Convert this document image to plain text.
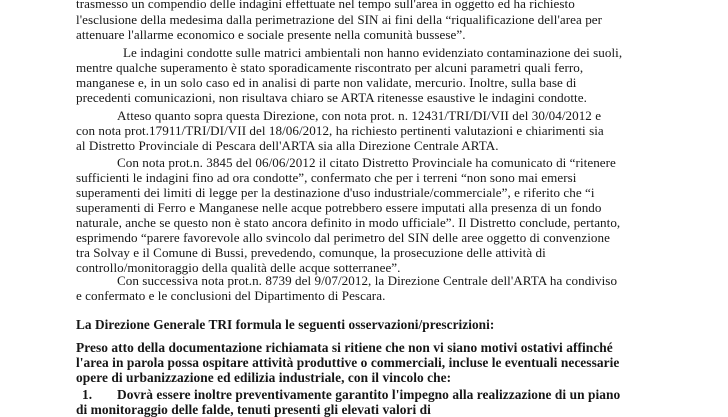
trasmesso un compendio delle indagini effettuate nel tempo sull'area in oggetto ed ha richiesto
l'esclusione della medesima dalla perimetrazione del SIN ai fini della “riqualificazione dell'area per
attenuare l'allarme economico e sociale presente nella comunità bussese”.
Le indagini condotte sulle matrici ambientali non hanno evidenziato contaminazione dei suoli,
mentre qualche superamento è stato sporadicamente riscontrato per alcuni parametri quali ferro,
manganese e, in un solo caso ed in analisi di parte non validate, mercurio. Inoltre, sulla base di
precedenti comunicazioni, non risultava chiaro se ARTA ritenesse esaustive le indagini condotte.
Atteso quanto sopra questa Direzione, con nota prot. n. 12431/TRI/DI/VII del 30/04/2012 e
con nota prot.17911/TRI/DI/VII del 18/06/2012, ha richiesto pertinenti valutazioni e chiarimenti sia
al Distretto Provinciale di Pescara dell'ARTA sia alla Direzione Centrale ARTA.
Con nota prot.n. 3845 del 06/06/2012 il citato Distretto Provinciale ha comunicato di “ritenere
sufficienti le indagini fino ad ora condotte”, confermato che per i terreni “non sono mai emersi
superamenti dei limiti di legge per la destinazione d'uso industriale/commerciale”, e riferito che “i
superamenti di Ferro e Manganese nelle acque potrebbero essere imputati alla presenza di un fondo
naturale, anche se questo non è stato ancora definito in modo ufficiale”. Il Distretto conclude, pertanto,
esprimendo “parere favorevole allo svincolo dal perimetro del SIN delle aree oggetto di convenzione
tra Solvay e il Comune di Bussi, prevedendo, comunque, la prosecuzione delle attività di
controllo/monitoraggio della qualità delle acque sotterranee”.
Con successiva nota prot.n. 8739 del 9/07/2012, la Direzione Centrale dell'ARTA ha condiviso
e confermato e le conclusioni del Dipartimento di Pescara.
La Direzione Generale TRI formula le seguenti osservazioni/prescrizioni:
Preso atto della documentazione richiamata si ritiene che non vi siano motivi ostativi affinché
l'area in parola possa ospitare attività produttive o commerciali, incluse le eventuali necessarie
opere di urbanizzazione ed edilizia industriale, con il vincolo che:
1. Dovrà essere inoltre preventivamente garantito l'impegno alla realizzazione di un piano
di monitoraggio delle falde, tenuti presenti gli elevati valori di
